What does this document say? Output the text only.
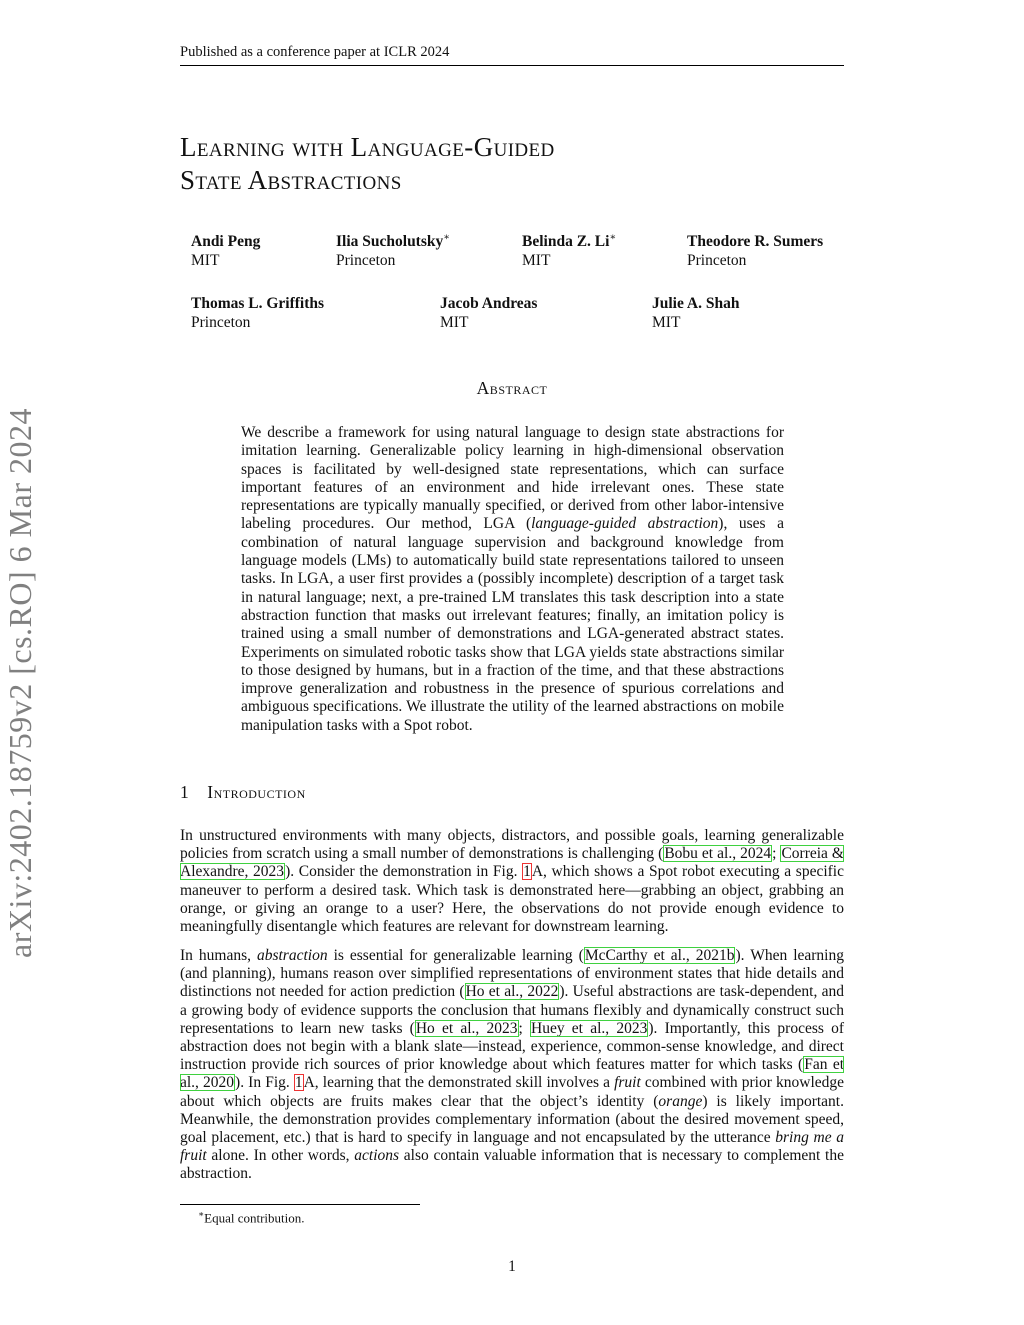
Published as a conference paper at ICLR 2024
arXiv:2402.18759v2 [cs.RO] 6 Mar 2024
Learning with Language-Guided
State Abstractions
Andi Peng
MIT
Ilia Sucholutsky∗
Princeton
Belinda Z. Li∗
MIT
Theodore R. Sumers
Princeton
Thomas L. Griffiths
Princeton
Jacob Andreas
MIT
Julie A. Shah
MIT
Abstract
We describe a framework for using natural language to design state abstractions for imitation learning. Generalizable policy learning in high-dimensional observation spaces is facilitated by well-designed state representations, which can surface important features of an environment and hide irrelevant ones. These state representations are typically manually specified, or derived from other labor-intensive labeling procedures. Our method, LGA (language-guided abstraction), uses a combination of natural language supervision and background knowledge from language models (LMs) to automatically build state representations tailored to unseen tasks. In LGA, a user first provides a (possibly incomplete) description of a target task in natural language; next, a pre-trained LM translates this task description into a state abstraction function that masks out irrelevant features; finally, an imitation policy is trained using a small number of demonstrations and LGA-generated abstract states. Experiments on simulated robotic tasks show that LGA yields state abstractions similar to those designed by humans, but in a fraction of the time, and that these abstractions improve generalization and robustness in the presence of spurious correlations and ambiguous specifications. We illustrate the utility of the learned abstractions on mobile manipulation tasks with a Spot robot.
1 Introduction
In unstructured environments with many objects, distractors, and possible goals, learning generalizable policies from scratch using a small number of demonstrations is challenging (Bobu et al., 2024; Correia & Alexandre, 2023). Consider the demonstration in Fig. 1A, which shows a Spot robot executing a specific maneuver to perform a desired task. Which task is demonstrated here—grabbing an object, grabbing an orange, or giving an orange to a user? Here, the observations do not provide enough evidence to meaningfully disentangle which features are relevant for downstream learning.
In humans, abstraction is essential for generalizable learning (McCarthy et al., 2021b). When learning (and planning), humans reason over simplified representations of environment states that hide details and distinctions not needed for action prediction (Ho et al., 2022). Useful abstractions are task-dependent, and a growing body of evidence supports the conclusion that humans flexibly and dynamically construct such representations to learn new tasks (Ho et al., 2023; Huey et al., 2023). Importantly, this process of abstraction does not begin with a blank slate—instead, experience, common-sense knowledge, and direct instruction provide rich sources of prior knowledge about which features matter for which tasks (Fan et al., 2020). In Fig. 1A, learning that the demonstrated skill involves a fruit combined with prior knowledge about which objects are fruits makes clear that the object’s identity (orange) is likely important. Meanwhile, the demonstration provides complementary information (about the desired movement speed, goal placement, etc.) that is hard to specify in language and not encapsulated by the utterance bring me a fruit alone. In other words, actions also contain valuable information that is necessary to complement the abstraction.
∗Equal contribution.
1
